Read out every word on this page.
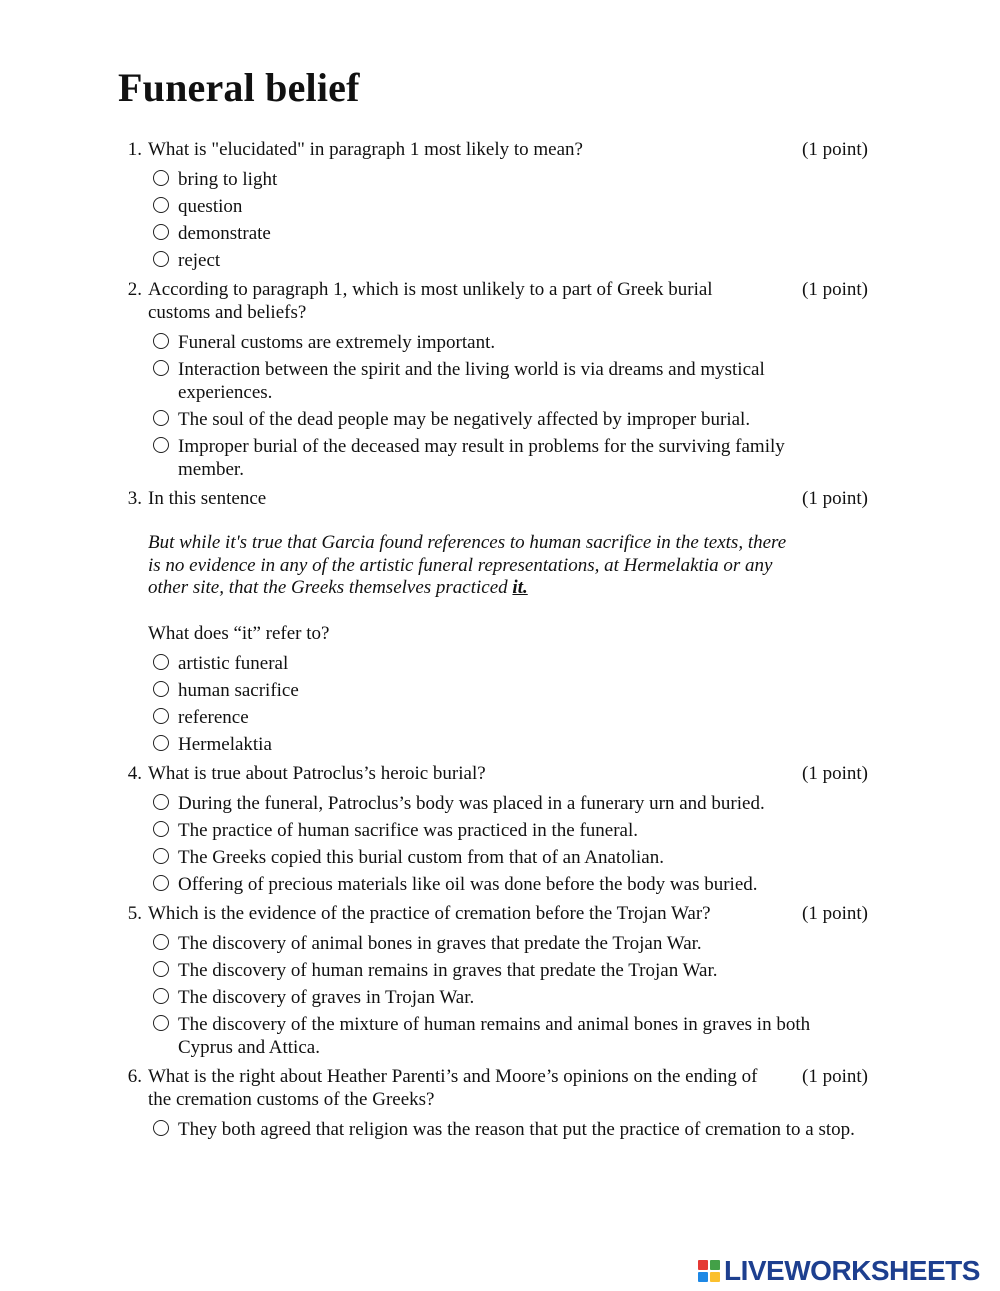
Funeral belief
1. What is "elucidated" in paragraph 1 most likely to mean?	(1 point)
bring to light
question
demonstrate
reject
2. According to paragraph 1, which is most unlikely to a part of Greek burial customs and beliefs?
(1 point)
Funeral customs are extremely important.
Interaction between the spirit and the living world is via dreams and mystical experiences.
The soul of the dead people may be negatively affected by improper burial.
Improper burial of the deceased may result in problems for the surviving family member.
3. In this sentence	(1 point)
But while it's true that Garcia found references to human sacrifice in the texts, there is no evidence in any of the artistic funeral representations, at Hermelaktia or any other site, that the Greeks themselves practiced it.
What does “it” refer to?
artistic funeral
human sacrifice
reference
Hermelaktia
4. What is true about Patroclus’s heroic burial?	(1 point)
During the funeral, Patroclus’s body was placed in a funerary urn and buried.
The practice of human sacrifice was practiced in the funeral.
The Greeks copied this burial custom from that of an Anatolian.
Offering of precious materials like oil was done before the body was buried.
5. Which is the evidence of the practice of cremation before the Trojan War?	(1 point)
The discovery of animal bones in graves that predate the Trojan War.
The discovery of human remains in graves that predate the Trojan War.
The discovery of graves in Trojan War.
The discovery of the mixture of human remains and animal bones in graves in both Cyprus and Attica.
6. What is the right about Heather Parenti’s and Moore’s opinions on the ending of the cremation customs of the Greeks?
(1 point)
They both agreed that religion was the reason that put the practice of cremation to a stop.
LIVEWORKSHEETS
